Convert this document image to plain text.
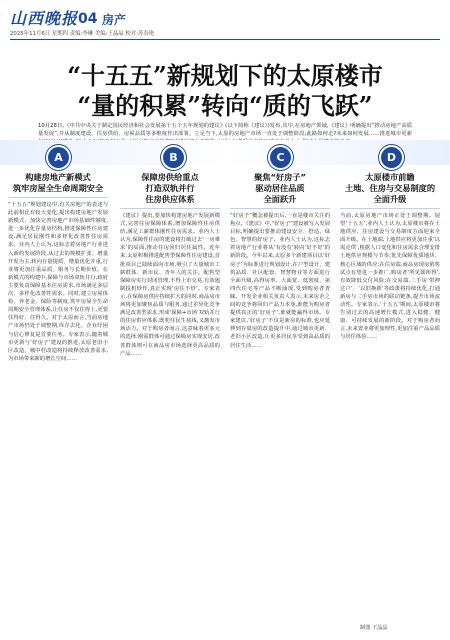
山西晚报 04 房产
2025年11月6日 星期四 责编:李琳 美编:王晶晶 校对:苏春艳
“十五五”新规划下的太原楼市
“量的积累”转向“质的飞跃”
10月28日,《中共中央关于制定国民经济和社会发展第十五个五年规划的建议》(以下简称《建议》)发布,其中,在房地产领域,《建议》明确提出“推动房地产高质量发展”,并从制度建设、住房供给、房屋品质等多维度作出部署。立足当下,太原的房地产市场一直处于调整阶段,此路如何走?未来如何发展……推进城市更新
A	B	C	D
构建房地产新模式
筑牢房屋全生命周期安全
“十五五”规划建议中,有关房地产的表述与此前相比有较大变化,提出构建房地产发展新模式、加快完善房地产市场基础性制度,进一步优化存量房结构,推进保障性住房建设,满足居民刚性和多样化改善性住房需求。业内人士认为,这标志着房地产行业进入新的发展阶段,从过去的规模扩张、增量开发为主,转向存量提质、增量优化并重,行业将更加注重品质、服务与长期价值。在新模式的构建中,保障与市场双轨并行,政府主要负责保障基本住房需求,市场满足多层次、多样化改善性需求。同时,建立房屋体检、养老金、保险等制度,筑牢房屋全生命周期安全管理体系,让住房不仅住得上,更要住得好、住得久。对于太原而言,当前房地产市场仍处于调整期,库存去化、企业纾困与信心修复是首要任务。专家表示,随着城市更新与‘好房子’建设的推进,太原老旧小区改造、城中村改造将持续释放改善需求,为市场带来新的增长空间……
保障房供给重点
打造双轨并行
住房供应体系
《建议》提出,要加快构建房地产发展新模式,完善住房保障体系,增加保障性住房供给,满足工薪群体刚性住房需求。业内人士认为,保障性住房的建设将打破过去‘一房难求’的局面,推动住房回归居住属性。近年来,太原积极推进配售型保障性住房建设,首批项目已陆续面向市场,吸引了大量城市工薪群体、新市民、青年人的关注。配售型保障房实行封闭管理,不得上市交易,有效遏制投机炒作,真正实现‘房住不炒’。专家表示,在保障房供应持续扩大的同时,商品房市场将更加聚焦品质与服务,通过差异化竞争满足改善型需求,形成‘保障+市场’双轨并行的住房供应体系,既兜住民生底线,又激发市场活力。对于购房者而言,这意味着更多元的选择:刚需群体可通过保障房实现安居,改善群体则可在商品房市场选择更高品质的产品……
聚焦“好房子”
驱动居住品质
全面跃升
“好房子”概念被提出后,一直是楼市关注的焦点。《建议》中,“好房子”建设被写入发展目标,明确提出要推动建设安全、舒适、绿色、智慧的好房子。业内人士认为,这标志着房地产行业将从‘有没有’转向‘好不好’的新阶段。今年以来,太原多个新建项目以‘好房子’为标准进行规划设计,在户型设计、建筑品质、社区配套、智慧物业等方面进行全面升级,高得房率、大面宽、低密度、第四代住宅等产品不断涌现,受到购房者青睐。开发企业相关负责人表示,未来房企之间的竞争将回归产品力本身,谁能为购房者提供真正的‘好房子’,谁就能赢得市场。专家建议,‘好房子’不仅是新房的标准,也应延伸到存量房的改造提升中,通过城市更新、老旧小区改造,让更多居民享受到高品质的居住生活……
太原楼市前瞻
土地、住房与交易制度的
全面升级
当前,太原房地产市场正处于调整期。展望‘十五五’,业内人士认为,太原楼市将在土地供应、住房建设与交易制度方面迎来全面升级。在土地端,土地供应将更加注重‘以需定供’,根据人口变化和住房需求合理安排土地供应规模与节奏,优先保障优质地块、核心区域的供应;在住房端,商品房现房销售试点有望进一步推广,购房者‘所见即所得’,有效降低交付风险;在交易端,二手房‘带押过户’、‘以旧换新’等政策将持续优化,打通新房与二手房市场的联动链条,提升市场流动性。专家表示,‘十五五’期间,太原楼市将告别过去的高速增长模式,进入稳健、健康、可持续发展的新阶段。对于购房者而言,未来置业将更加理性,更加注重产品品质与居住体验……
制图 王晶晶
